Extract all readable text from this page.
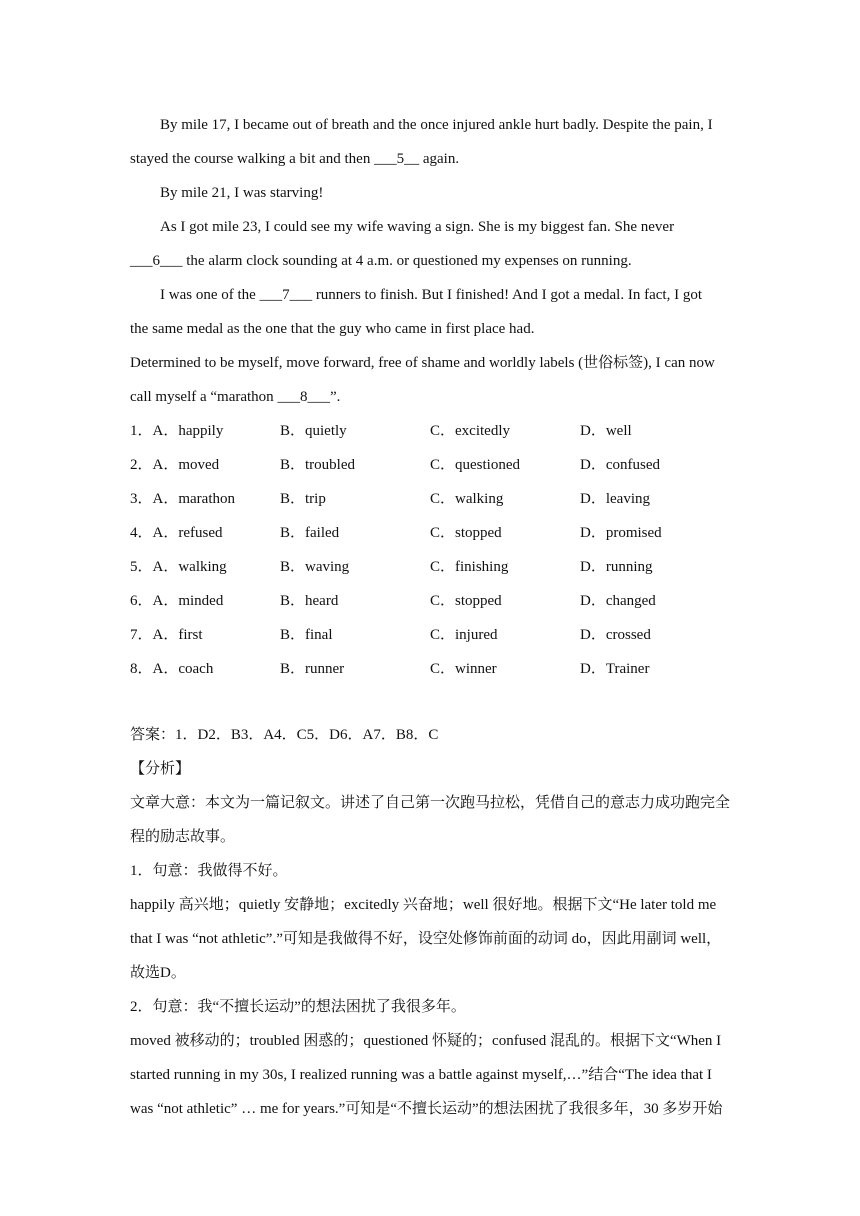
By mile 17, I became out of breath and the once injured ankle hurt badly. Despite the pain, I
stayed the course walking a bit and then ___5__ again.
By mile 21, I was starving!
As I got mile 23, I could see my wife waving a sign. She is my biggest fan. She never
___6___ the alarm clock sounding at 4 a.m. or questioned my expenses on running.
I was one of the ___7___ runners to finish. But I finished! And I got a medal. In fact, I got
the same medal as the one that the guy who came in first place had.
Determined to be myself, move forward, free of shame and worldly labels (世俗标签), I can now
call myself a “marathon ___8___”.
1．A．happily	B．quietly	C．excitedly	D．well
2．A．moved	B．troubled	C．questioned	D．confused
3．A．marathon	B．trip	C．walking	D．leaving
4．A．refused	B．failed	C．stopped	D．promised
5．A．walking	B．waving	C．finishing	D．running
6．A．minded	B．heard	C．stopped	D．changed
7．A．first	B．final	C．injured	D．crossed
8．A．coach	B．runner	C．winner	D．Trainer
答案：1．D2．B3．A4．C5．D6．A7．B8．C
【分析】
文章大意：本文为一篇记叙文。讲述了自己第一次跑马拉松，凭借自己的意志力成功跑完全程的励志故事。
1．句意：我做得不好。
happily 高兴地；quietly 安静地；excitedly 兴奋地；well 很好地。根据下文“He later told me that I was “not athletic”.”可知是我做得不好，设空处修饰前面的动词 do，因此用副词 well，故选D。
2．句意：我“不擅长运动”的想法困扰了我很多年。
moved 被移动的；troubled 困惑的；questioned 怀疑的；confused 混乱的。根据下文“When I started running in my 30s, I realized running was a battle against myself,…”结合“The idea that I was “not athletic” … me for years.”可知是“不擅长运动”的想法困扰了我很多年，30 多岁开始
